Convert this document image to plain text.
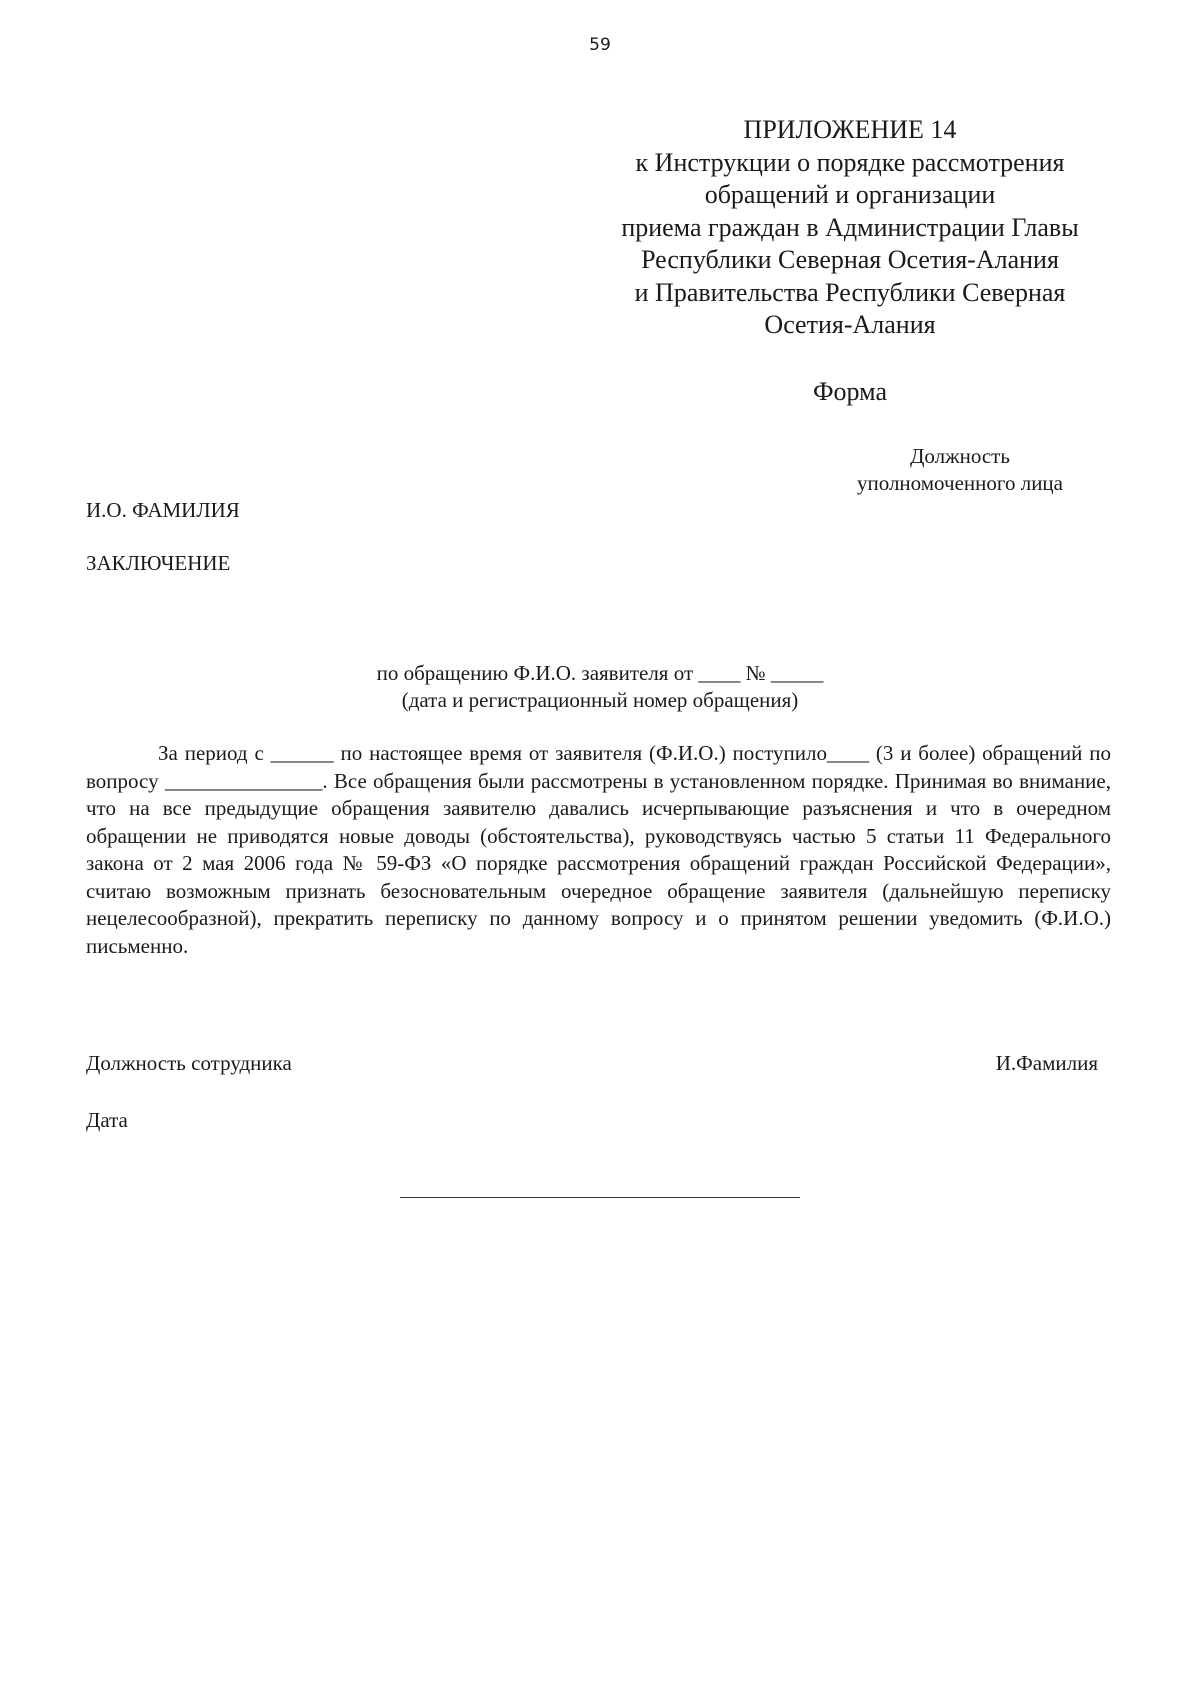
59
ПРИЛОЖЕНИЕ 14
к Инструкции о порядке рассмотрения
обращений и организации
приема граждан в Администрации Главы
Республики Северная Осетия-Алания
и Правительства Республики Северная
Осетия-Алания
Форма
Должность
уполномоченного лица
И.О. ФАМИЛИЯ
ЗАКЛЮЧЕНИЕ
по обращению Ф.И.О. заявителя от ____ № _____
(дата и регистрационный номер обращения)

За период с ______ по настоящее время от заявителя (Ф.И.О.) поступило____ (3 и более) обращений по вопросу _______________. Все обращения были рассмотрены в установленном порядке. Принимая во внимание, что на все предыдущие обращения заявителю давались исчерпывающие разъяснения и что в очередном обращении не приводятся новые доводы (обстоятельства), руководствуясь частью 5 статьи 11 Федерального закона от 2 мая 2006 года № 59-ФЗ «О порядке рассмотрения обращений граждан Российской Федерации», считаю возможным признать безосновательным очередное обращение заявителя (дальнейшую переписку нецелесообразной), прекратить переписку по данному вопросу и о принятом решении уведомить (Ф.И.О.) письменно.

Должность сотрудника	И.Фамилия
Дата
